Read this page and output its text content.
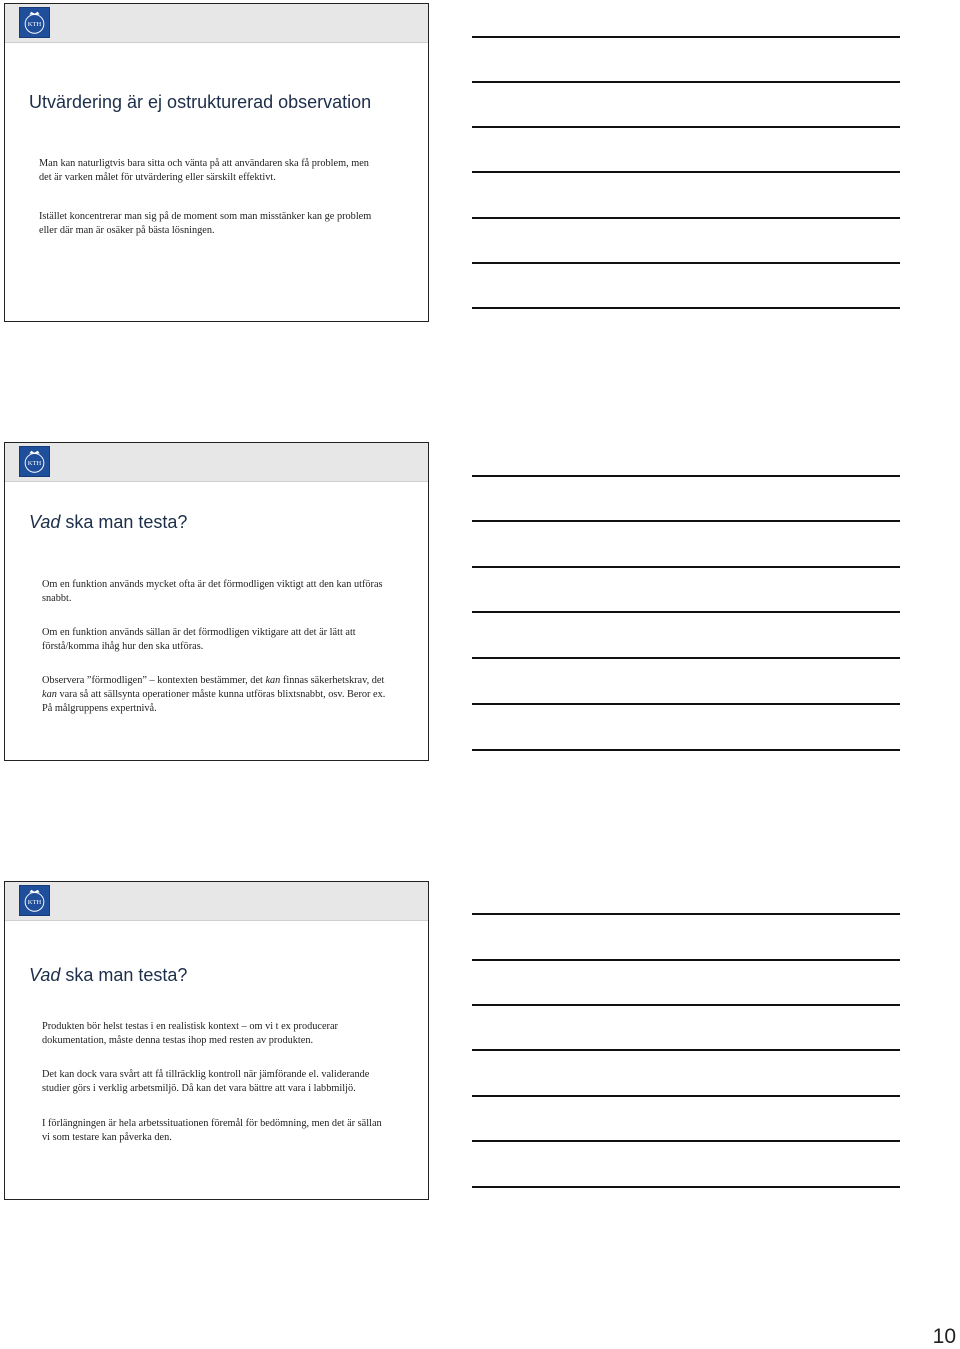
KTH
Utvärdering är ej ostrukturerad observation

Man kan naturligtvis bara sitta och vänta på att användaren ska få problem, men det är varken målet för utvärdering eller särskilt effektivt.

Istället koncentrerar man sig på de moment som man misstänker kan ge problem eller där man är osäker på bästa lösningen.

KTH
Vad ska man testa?

Om en funktion används mycket ofta är det förmodligen viktigt att den kan utföras snabbt.

Om en funktion används sällan är det förmodligen viktigare att det är lätt att förstå/komma ihåg hur den ska utföras.

Observera ”förmodligen” – kontexten bestämmer, det kan finnas säkerhetskrav, det kan vara så att sällsynta operationer måste kunna utföras blixtsnabbt, osv. Beror ex. På målgruppens expertnivå.

KTH
Vad ska man testa?

Produkten bör helst testas i en realistisk kontext – om vi t ex producerar dokumentation, måste denna testas ihop med resten av produkten.

Det kan dock vara svårt att få tillräcklig kontroll när jämförande el. validerande studier görs i verklig arbetsmiljö. Då kan det vara bättre att vara i labbmiljö.

I förlängningen är hela arbetssituationen föremål för bedömning, men det är sällan vi som testare kan påverka den.

10
